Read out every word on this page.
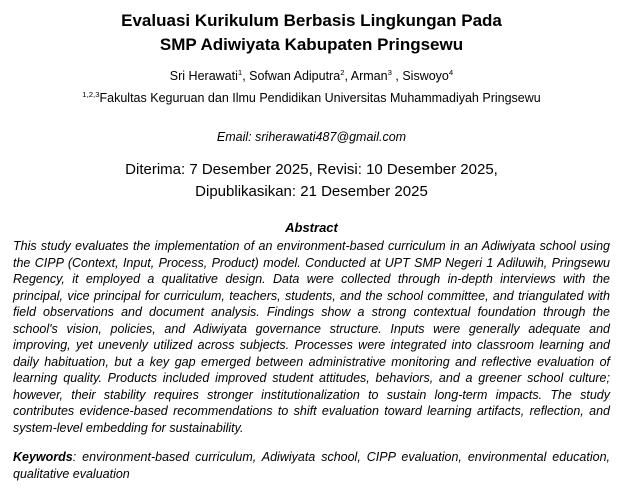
Evaluasi Kurikulum Berbasis Lingkungan Pada
SMP Adiwiyata Kabupaten Pringsewu
Sri Herawati$^1$, Sofwan Adiputra$^2$, Arman$^3$ , Siswoyo$^4$
$^{1,2,3}$Fakultas Keguruan dan Ilmu Pendidikan Universitas Muhammadiyah Pringsewu
Email: sriherawati487@gmail.com
Diterima: 7 Desember 2025, Revisi: 10 Desember 2025,
Dipublikasikan: 21 Desember 2025
Abstract

This study evaluates the implementation of an environment-based curriculum in an Adiwiyata school using the CIPP (Context, Input, Process, Product) model. Conducted at UPT SMP Negeri 1 Adiluwih, Pringsewu Regency, it employed a qualitative design. Data were collected through in-depth interviews with the principal, vice principal for curriculum, teachers, students, and the school committee, and triangulated with field observations and document analysis. Findings show a strong contextual foundation through the school's vision, policies, and Adiwiyata governance structure. Inputs were generally adequate and improving, yet unevenly utilized across subjects. Processes were integrated into classroom learning and daily habituation, but a key gap emerged between administrative monitoring and reflective evaluation of learning quality. Products included improved student attitudes, behaviors, and a greener school culture; however, their stability requires stronger institutionalization to sustain long-term impacts. The study contributes evidence-based recommendations to shift evaluation toward learning artifacts, reflection, and system-level embedding for sustainability.

Keywords: environment-based curriculum, Adiwiyata school, CIPP evaluation, environmental education, qualitative evaluation
